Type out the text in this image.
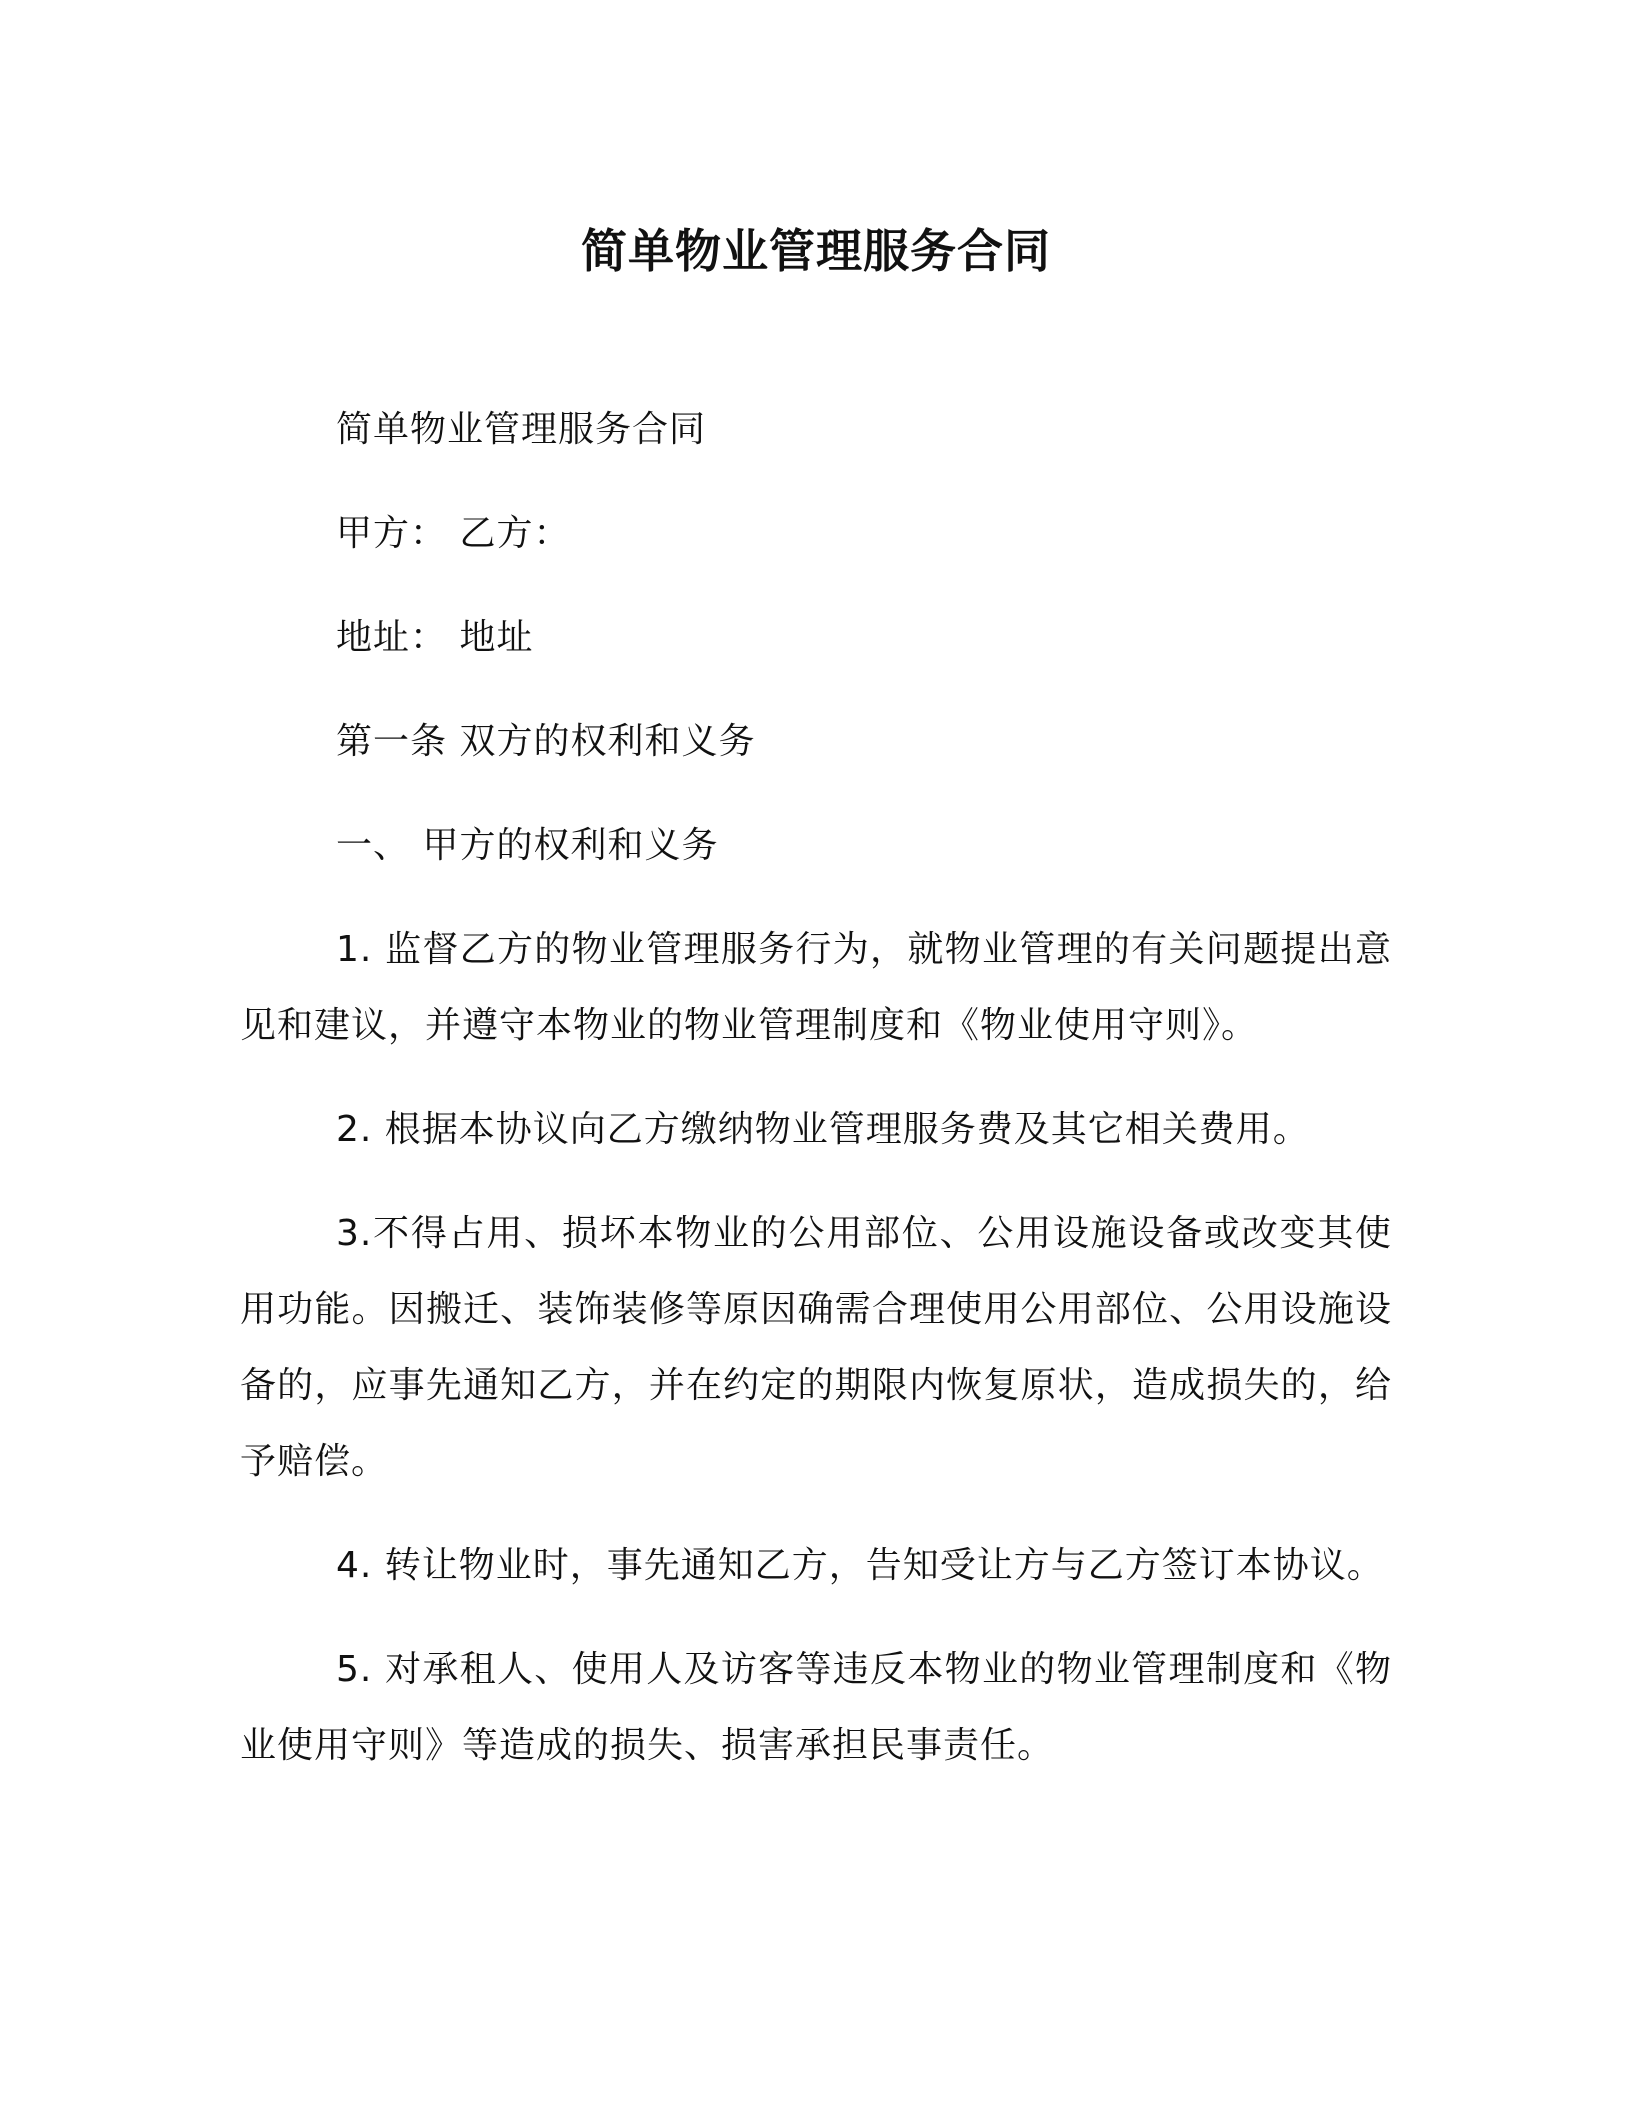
简单物业管理服务合同

简单物业管理服务合同

甲方： 乙方：

地址： 地址

第一条 双方的权利和义务

一、 甲方的权利和义务

1. 监督乙方的物业管理服务行为，就物业管理的有关问题提出意见和建议，并遵守本物业的物业管理制度和《物业使用守则》。

2. 根据本协议向乙方缴纳物业管理服务费及其它相关费用。

3.不得占用、损坏本物业的公用部位、公用设施设备或改变其使用功能。因搬迁、装饰装修等原因确需合理使用公用部位、公用设施设备的，应事先通知乙方，并在约定的期限内恢复原状，造成损失的，给予赔偿。

4. 转让物业时，事先通知乙方，告知受让方与乙方签订本协议。

5. 对承租人、使用人及访客等违反本物业的物业管理制度和《物业使用守则》等造成的损失、损害承担民事责任。
